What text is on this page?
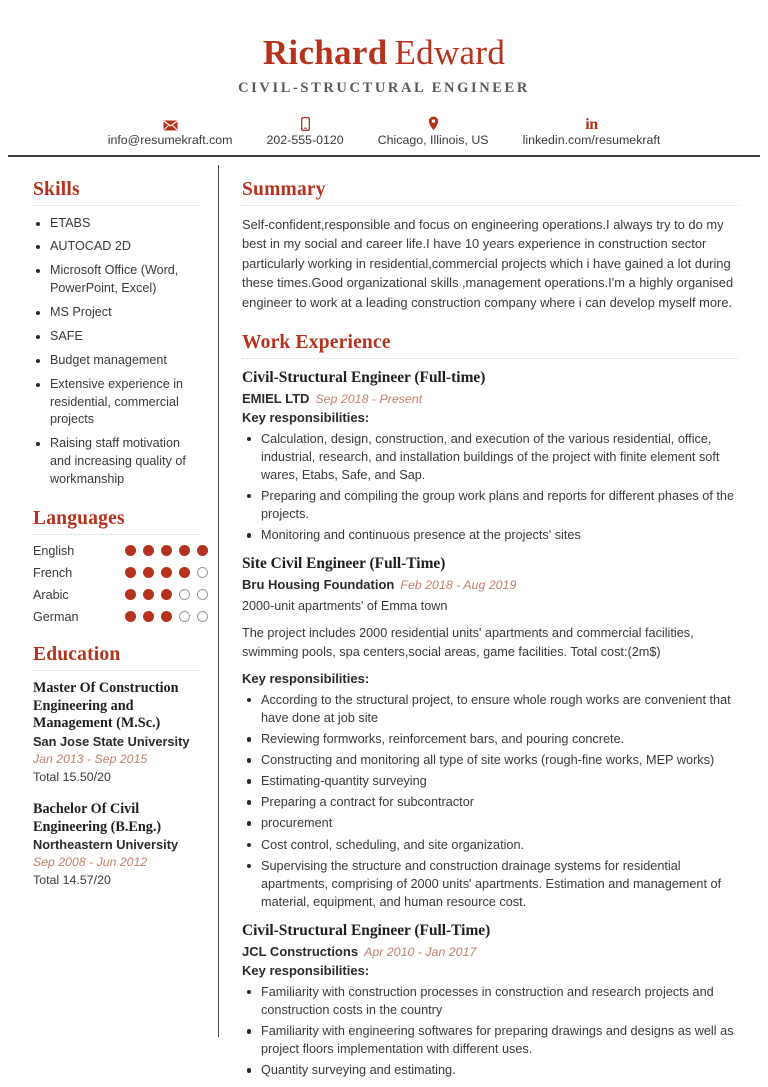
Richard Edward
CIVIL-STRUCTURAL ENGINEER
info@resumekraft.com	202-555-0120	Chicago, Illinois, US
in
linkedin.com/resumekraft
Skills
ETABS
AUTOCAD 2D
Microsoft Office (Word, PowerPoint, Excel)
MS Project
SAFE
Budget management
Extensive experience in residential, commercial projects
Raising staff motivation and increasing quality of workmanship
Languages
English
French
Arabic
German
Education
Master Of Construction Engineering and Management (M.Sc.)
San Jose State University
Jan 2013 - Sep 2015
Total 15.50/20
Bachelor Of Civil Engineering (B.Eng.)
Northeastern University
Sep 2008 - Jun 2012
Total 14.57/20
Summary

Self-confident,responsible and focus on engineering operations.I always try to do my best in my social and career life.I have 10 years experience in construction sector particularly working in residential,commercial projects which i have gained a lot during these times.Good organizational skills ,management operations.I'm a highly organised engineer to work at a leading construction company where i can develop myself more.

Work Experience
Civil-Structural Engineer (Full-time)
EMIEL LTD Sep 2018 - Present
Key responsibilities:
Calculation, design, construction, and execution of the various residential, office, industrial, research, and installation buildings of the project with finite element soft wares, Etabs, Safe, and Sap.
Preparing and compiling the group work plans and reports for different phases of the projects.
Monitoring and continuous presence at the projects' sites
Site Civil Engineer (Full-Time)
Bru Housing Foundation Feb 2018 - Aug 2019
2000-unit apartments' of Emma town

The project includes 2000 residential units' apartments and commercial facilities, swimming pools, spa centers,social areas, game facilities. Total cost:(2m$)

Key responsibilities:
According to the structural project, to ensure whole rough works are convenient that have done at job site
Reviewing formworks, reinforcement bars, and pouring concrete.
Constructing and monitoring all type of site works (rough-fine works, MEP works)
Estimating-quantity surveying
Preparing a contract for subcontractor
procurement
Cost control, scheduling, and site organization.
Supervising the structure and construction drainage systems for residential apartments, comprising of 2000 units' apartments. Estimation and management of material, equipment, and human resource cost.
Civil-Structural Engineer (Full-Time)
JCL Constructions Apr 2010 - Jan 2017
Key responsibilities:
Familiarity with construction processes in construction and research projects and construction costs in the country
Familiarity with engineering softwares for preparing drawings and designs as well as project floors implementation with different uses.
Quantity surveying and estimating.
